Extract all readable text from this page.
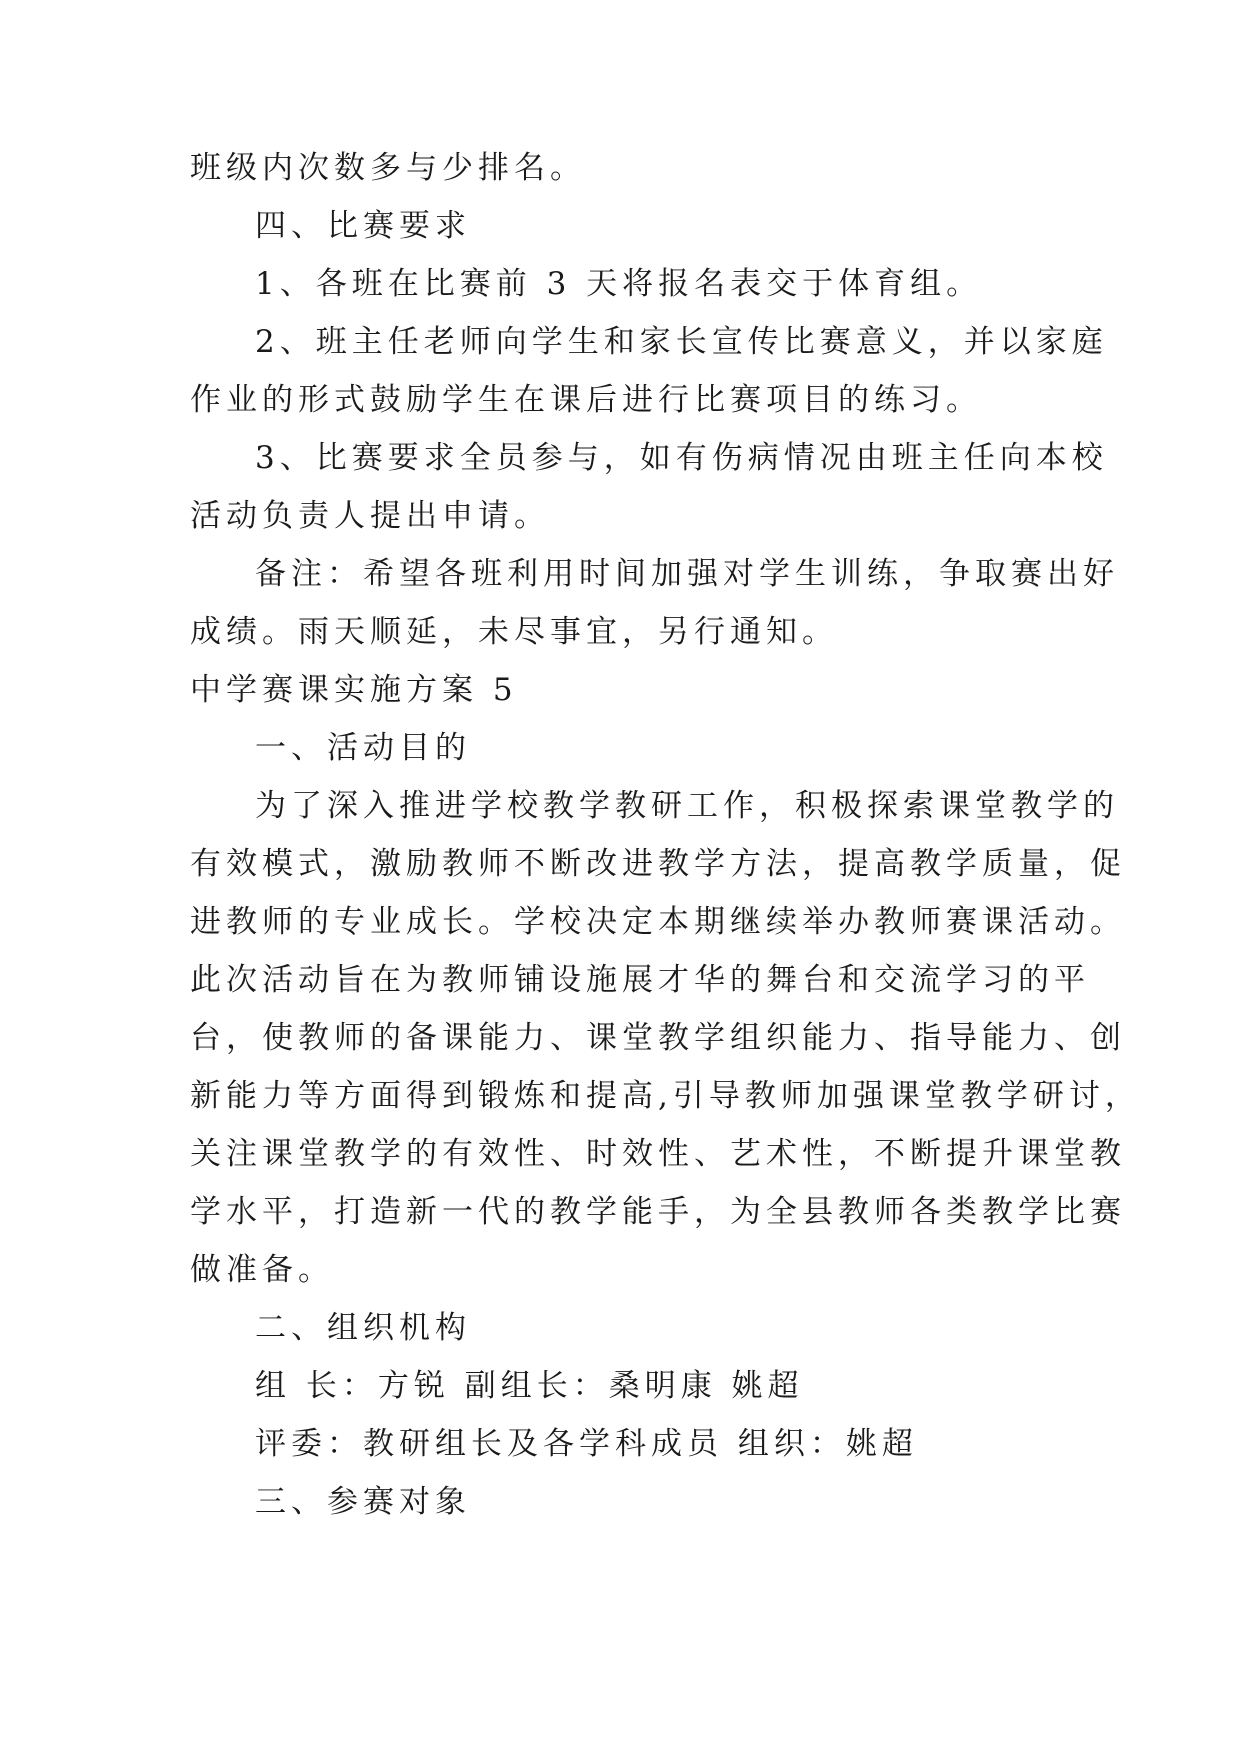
班级内次数多与少排名。
四、比赛要求
1、各班在比赛前 3 天将报名表交于体育组。
2、班主任老师向学生和家长宣传比赛意义，并以家庭
作业的形式鼓励学生在课后进行比赛项目的练习。
3、比赛要求全员参与，如有伤病情况由班主任向本校
活动负责人提出申请。
备注：希望各班利用时间加强对学生训练，争取赛出好
成绩。雨天顺延，未尽事宜，另行通知。
中学赛课实施方案 5
一、活动目的
为了深入推进学校教学教研工作，积极探索课堂教学的
有效模式，激励教师不断改进教学方法，提高教学质量，促
进教师的专业成长。学校决定本期继续举办教师赛课活动。
此次活动旨在为教师铺设施展才华的舞台和交流学习的平
台，使教师的备课能力、课堂教学组织能力、指导能力、创
新能力等方面得到锻炼和提高,引导教师加强课堂教学研讨，
关注课堂教学的有效性、时效性、艺术性，不断提升课堂教
学水平，打造新一代的教学能手，为全县教师各类教学比赛
做准备。
二、组织机构
组 长：方锐 副组长：桑明康 姚超
评委：教研组长及各学科成员 组织：姚超
三、参赛对象
